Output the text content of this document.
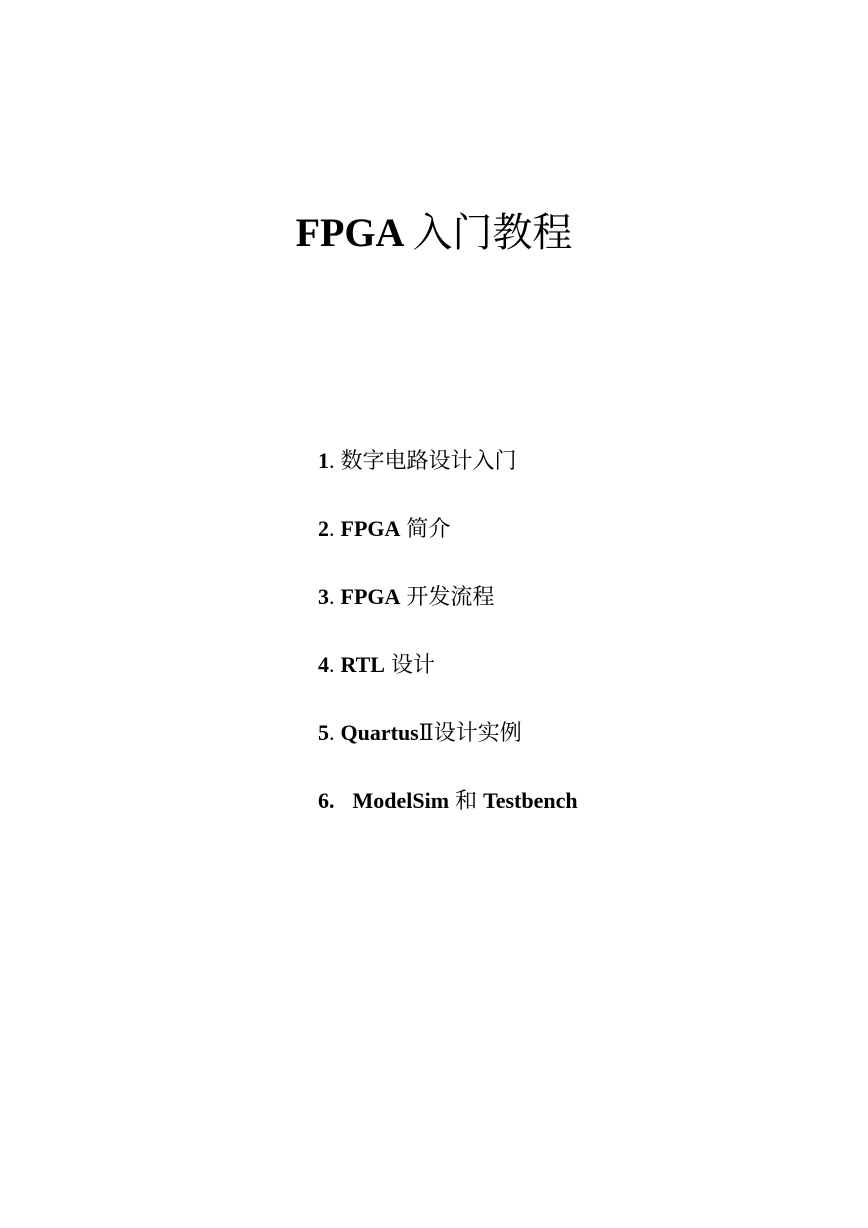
FPGA 入门教程
1. 数字电路设计入门
2. FPGA 简介
3. FPGA 开发流程
4. RTL 设计
5. QuartusⅡ设计实例
6. ModelSim 和 Testbench
